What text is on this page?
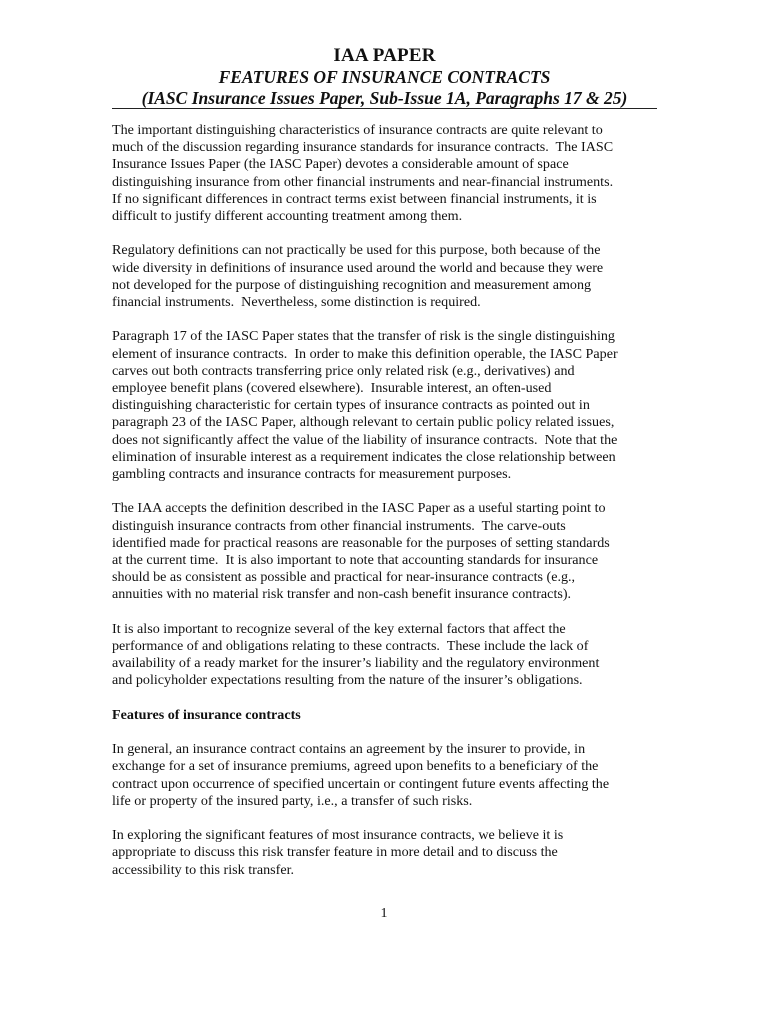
IAA PAPER
FEATURES OF INSURANCE CONTRACTS
(IASC Insurance Issues Paper, Sub-Issue 1A, Paragraphs 17 & 25)
The important distinguishing characteristics of insurance contracts are quite relevant to
much of the discussion regarding insurance standards for insurance contracts.  The IASC
Insurance Issues Paper (the IASC Paper) devotes a considerable amount of space
distinguishing insurance from other financial instruments and near-financial instruments.
If no significant differences in contract terms exist between financial instruments, it is
difficult to justify different accounting treatment among them.
Regulatory definitions can not practically be used for this purpose, both because of the
wide diversity in definitions of insurance used around the world and because they were
not developed for the purpose of distinguishing recognition and measurement among
financial instruments.  Nevertheless, some distinction is required.
Paragraph 17 of the IASC Paper states that the transfer of risk is the single distinguishing
element of insurance contracts.  In order to make this definition operable, the IASC Paper
carves out both contracts transferring price only related risk (e.g., derivatives) and
employee benefit plans (covered elsewhere).  Insurable interest, an often-used
distinguishing characteristic for certain types of insurance contracts as pointed out in
paragraph 23 of the IASC Paper, although relevant to certain public policy related issues,
does not significantly affect the value of the liability of insurance contracts.  Note that the
elimination of insurable interest as a requirement indicates the close relationship between
gambling contracts and insurance contracts for measurement purposes.
The IAA accepts the definition described in the IASC Paper as a useful starting point to
distinguish insurance contracts from other financial instruments.  The carve-outs
identified made for practical reasons are reasonable for the purposes of setting standards
at the current time.  It is also important to note that accounting standards for insurance
should be as consistent as possible and practical for near-insurance contracts (e.g.,
annuities with no material risk transfer and non-cash benefit insurance contracts).
It is also important to recognize several of the key external factors that affect the
performance of and obligations relating to these contracts.  These include the lack of
availability of a ready market for the insurer’s liability and the regulatory environment
and policyholder expectations resulting from the nature of the insurer’s obligations.
Features of insurance contracts
In general, an insurance contract contains an agreement by the insurer to provide, in
exchange for a set of insurance premiums, agreed upon benefits to a beneficiary of the
contract upon occurrence of specified uncertain or contingent future events affecting the
life or property of the insured party, i.e., a transfer of such risks.
In exploring the significant features of most insurance contracts, we believe it is
appropriate to discuss this risk transfer feature in more detail and to discuss the
accessibility to this risk transfer.
1
